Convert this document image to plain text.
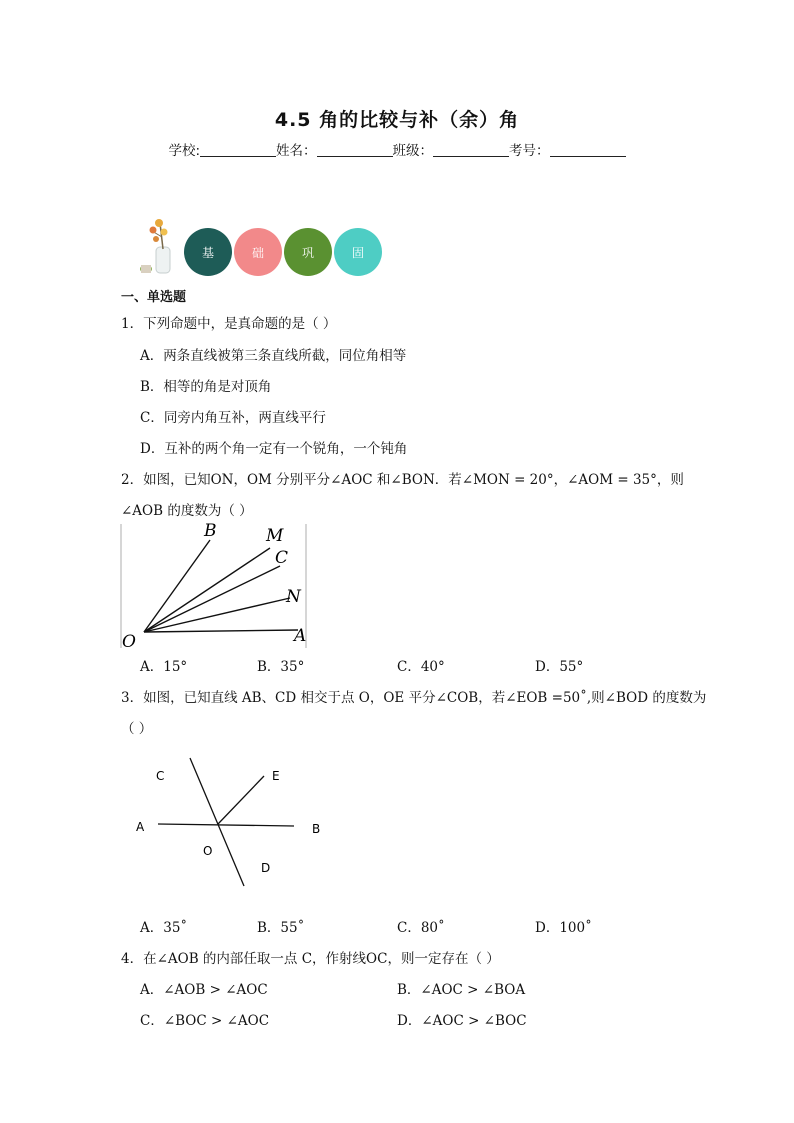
4.5 角的比较与补（余）角
学校:	姓名：	班级：	考号：
基	础	巩	固
一、单选题
1．下列命题中，是真命题的是（ ）
A．两条直线被第三条直线所截，同位角相等
B．相等的角是对顶角
C．同旁内角互补，两直线平行
D．互补的两个角一定有一个锐角，一个钝角
2．如图，已知ON，OM 分别平分∠AOC 和∠BON．若∠MON = 20°，∠AOM = 35°，则
∠AOB 的度数为（ ）
B	M
C
N
O	A
A．15°	B．35°	C．40°	D．55°
3．如图，已知直线 AB、CD 相交于点 O，OE 平分∠COB，若∠EOB =50˚,则∠BOD 的度数为
（ ）
C	E
A	B
O
D
A．35˚	B．55˚	C．80˚	D．100˚
4．在∠AOB 的内部任取一点 C，作射线OC，则一定存在（ ）
A．∠AOB > ∠AOC	B．∠AOC > ∠BOA
C．∠BOC > ∠AOC	D．∠AOC > ∠BOC
